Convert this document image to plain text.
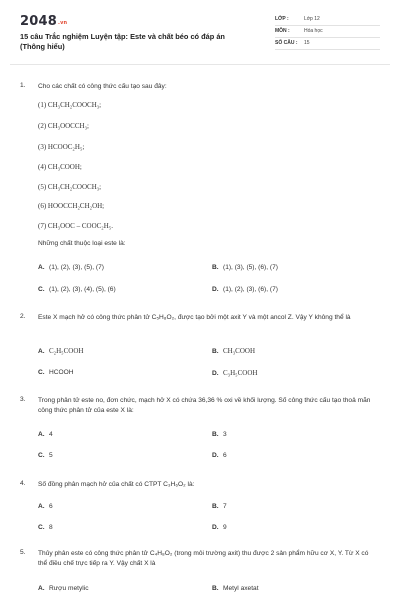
2048.vn
15 câu Trắc nghiệm Luyện tập: Este và chất béo có đáp án (Thông hiểu)
LỚP :	Lớp 12
MÔN :	Hóa học
SỐ CÂU : 15
1. Cho các chất có công thức cấu tạo sau đây:
(1) CH₃CH₂COOCH₃;
(2) CH₃OOCCH₃;
(3) HCOOC₂H₅;
(4) CH₃COOH;
(5) CH₃CH₂COOCH₃;
(6) HOOCCH₂CH₂OH;
(7) CH₃OOC – COOC₂H₅.
Những chất thuộc loại este là:
A. (1), (2), (3), (5), (7)	B. (1), (3), (5), (6), (7)
C. (1), (2), (3), (4), (5), (6)	D. (1), (2), (3), (6), (7)
2. Este X mạch hở có công thức phân tử C₅H₈O₂, được tạo bởi một axit Y và một ancol Z. Vậy Y không thể là
A. C₂H₅COOH	B. CH₃COOH
C. HCOOH	D. C₃H₅COOH
3. Trong phân tử este no, đơn chức, mạch hở X có chứa 36,36 % oxi về khối lượng. Số công thức cấu tạo thoả mãn công thức phân tử của este X là:
A. 4	B. 3
C. 5	D. 6
4. Số đồng phân mạch hở của chất có CTPT C₃H₆O₂ là:
A. 6	B. 7
C. 8	D. 9
5. Thủy phân este có công thức phân tử C₄H₈O₂ (trong môi trường axit) thu được 2 sản phẩm hữu cơ X, Y. Từ X có thể điều chế trực tiếp ra Y. Vậy chất X là
A. Rượu metylic	B. Metyl axetat
